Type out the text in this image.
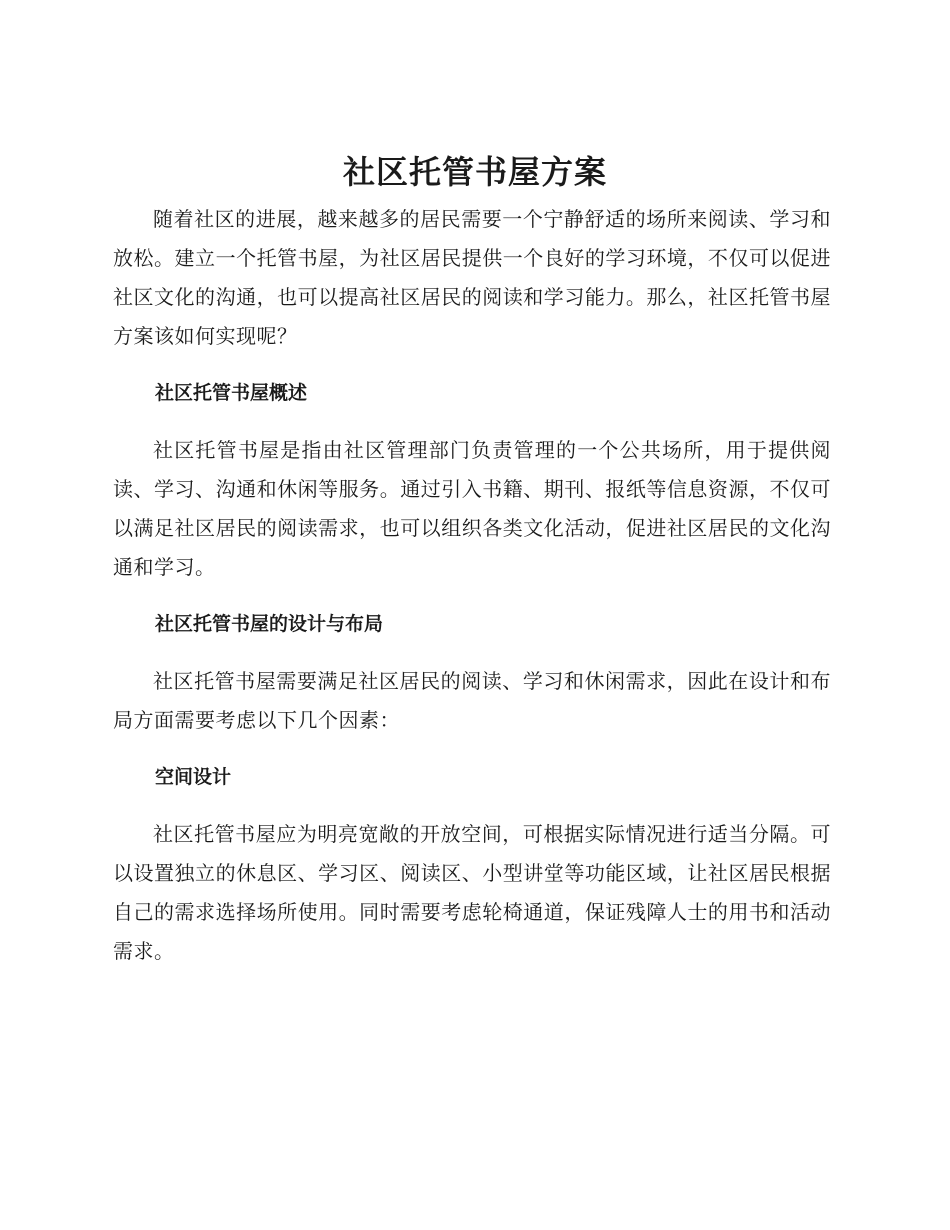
社区托管书屋方案

随着社区的进展，越来越多的居民需要一个宁静舒适的场所来阅读、学习和放松。建立一个托管书屋，为社区居民提供一个良好的学习环境，不仅可以促进社区文化的沟通，也可以提高社区居民的阅读和学习能力。那么，社区托管书屋方案该如何实现呢？

社区托管书屋概述

社区托管书屋是指由社区管理部门负责管理的一个公共场所，用于提供阅读、学习、沟通和休闲等服务。通过引入书籍、期刊、报纸等信息资源，不仅可以满足社区居民的阅读需求，也可以组织各类文化活动，促进社区居民的文化沟通和学习。

社区托管书屋的设计与布局

社区托管书屋需要满足社区居民的阅读、学习和休闲需求，因此在设计和布局方面需要考虑以下几个因素：

空间设计

社区托管书屋应为明亮宽敞的开放空间，可根据实际情况进行适当分隔。可以设置独立的休息区、学习区、阅读区、小型讲堂等功能区域，让社区居民根据自己的需求选择场所使用。同时需要考虑轮椅通道，保证残障人士的用书和活动需求。
